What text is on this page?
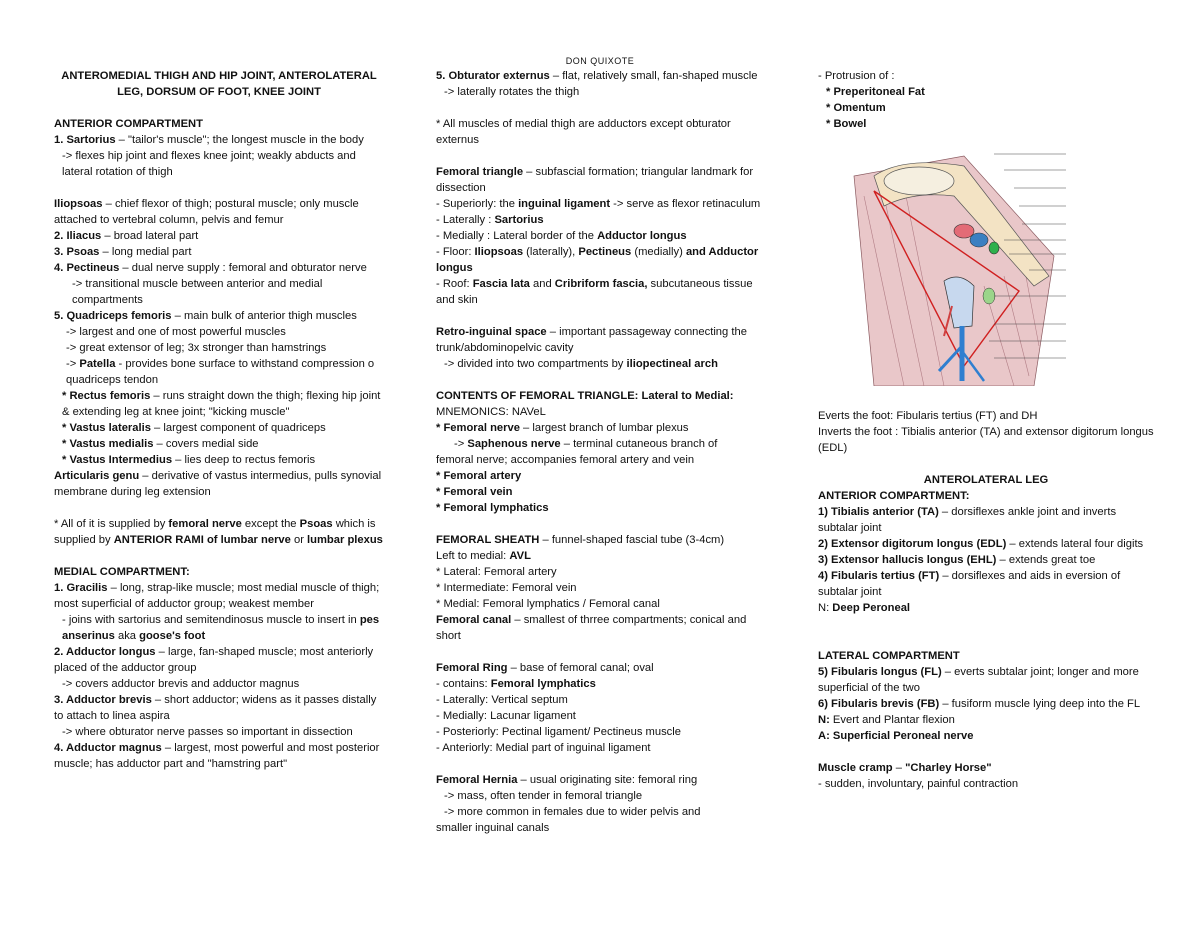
DON QUIXOTE

ANTEROMEDIAL THIGH AND HIP JOINT, ANTEROLATERAL LEG, DORSUM OF FOOT, KNEE JOINT

ANTERIOR COMPARTMENT

1. Sartorius – "tailor's muscle"; the longest muscle in the body

-> flexes hip joint and flexes knee joint; weakly abducts and lateral rotation of thigh

Iliopsoas – chief flexor of thigh; postural muscle; only muscle attached to vertebral column, pelvis and femur

2. Iliacus – broad lateral part

3. Psoas – long medial part

4. Pectineus – dual nerve supply : femoral and obturator nerve

-> transitional muscle between anterior and medial compartments

5. Quadriceps femoris – main bulk of anterior thigh muscles

-> largest and one of most powerful muscles

-> great extensor of leg; 3x stronger than hamstrings

-> Patella - provides bone surface to withstand compression o quadriceps tendon

* Rectus femoris – runs straight down the thigh; flexing hip joint & extending leg at knee joint; "kicking muscle"

* Vastus lateralis – largest component of quadriceps

* Vastus medialis – covers medial side

* Vastus Intermedius – lies deep to rectus femoris

Articularis genu – derivative of vastus intermedius, pulls synovial membrane during leg extension

* All of it is supplied by femoral nerve except the Psoas which is supplied by ANTERIOR RAMI of lumbar nerve or lumbar plexus

MEDIAL COMPARTMENT:

1. Gracilis – long, strap-like muscle; most medial muscle of thigh; most superficial of adductor group; weakest member

- joins with sartorius and semitendinosus muscle to insert in pes anserinus aka goose's foot

2. Adductor longus – large, fan-shaped muscle; most anteriorly placed of the adductor group

-> covers adductor brevis and adductor magnus

3. Adductor brevis – short adductor; widens as it passes distally to attach to linea aspira

-> where obturator nerve passes so important in dissection

4. Adductor magnus – largest, most powerful and most posterior muscle; has adductor part and "hamstring part"

5. Obturator externus – flat, relatively small, fan-shaped muscle

-> laterally rotates the thigh

* All muscles of medial thigh are adductors except obturator externus

Femoral triangle – subfascial formation; triangular landmark for dissection

- Superiorly: the inguinal ligament -> serve as flexor retinaculum

- Laterally : Sartorius

- Medially : Lateral border of the Adductor longus

- Floor: Iliopsoas (laterally), Pectineus (medially) and Adductor longus

- Roof: Fascia lata and Cribriform fascia, subcutaneous tissue and skin

Retro-inguinal space – important passageway connecting the trunk/abdominopelvic cavity

-> divided into two compartments by iliopectineal arch

CONTENTS OF FEMORAL TRIANGLE: Lateral to Medial:

MNEMONICS: NAVeL

* Femoral nerve – largest branch of lumbar plexus

-> Saphenous nerve – terminal cutaneous branch of

femoral nerve; accompanies femoral artery and vein

* Femoral artery

* Femoral vein

* Femoral lymphatics

FEMORAL SHEATH – funnel-shaped fascial tube (3-4cm)

Left to medial: AVL

* Lateral: Femoral artery

* Intermediate: Femoral vein

* Medial: Femoral lymphatics / Femoral canal

Femoral canal – smallest of thrree compartments; conical and short

Femoral Ring – base of femoral canal; oval

- contains: Femoral lymphatics

- Laterally: Vertical septum

- Medially: Lacunar ligament

- Posteriorly: Pectinal ligament/ Pectineus muscle

- Anteriorly: Medial part of inguinal ligament

Femoral Hernia – usual originating site: femoral ring

-> mass, often tender in femoral triangle

-> more common in females due to wider pelvis and

smaller inguinal canals

- Protrusion of :

* Preperitoneal Fat

* Omentum

* Bowel

Everts the foot: Fibularis tertius (FT) and DH

Inverts the foot : Tibialis anterior (TA) and extensor digitorum longus (EDL)

ANTEROLATERAL LEG

ANTERIOR COMPARTMENT:

1) Tibialis anterior (TA) – dorsiflexes ankle joint and inverts subtalar joint

2) Extensor digitorum longus (EDL) – extends lateral four digits

3) Extensor hallucis longus (EHL) – extends great toe

4) Fibularis tertius (FT) – dorsiflexes and aids in eversion of subtalar joint

N: Deep Peroneal

LATERAL COMPARTMENT

5) Fibularis longus (FL) – everts subtalar joint; longer and more superficial of the two

6) Fibularis brevis (FB) – fusiform muscle lying deep into the FL

N: Evert and Plantar flexion

A: Superficial Peroneal nerve

Muscle cramp – "Charley Horse"

- sudden, involuntary, painful contraction
